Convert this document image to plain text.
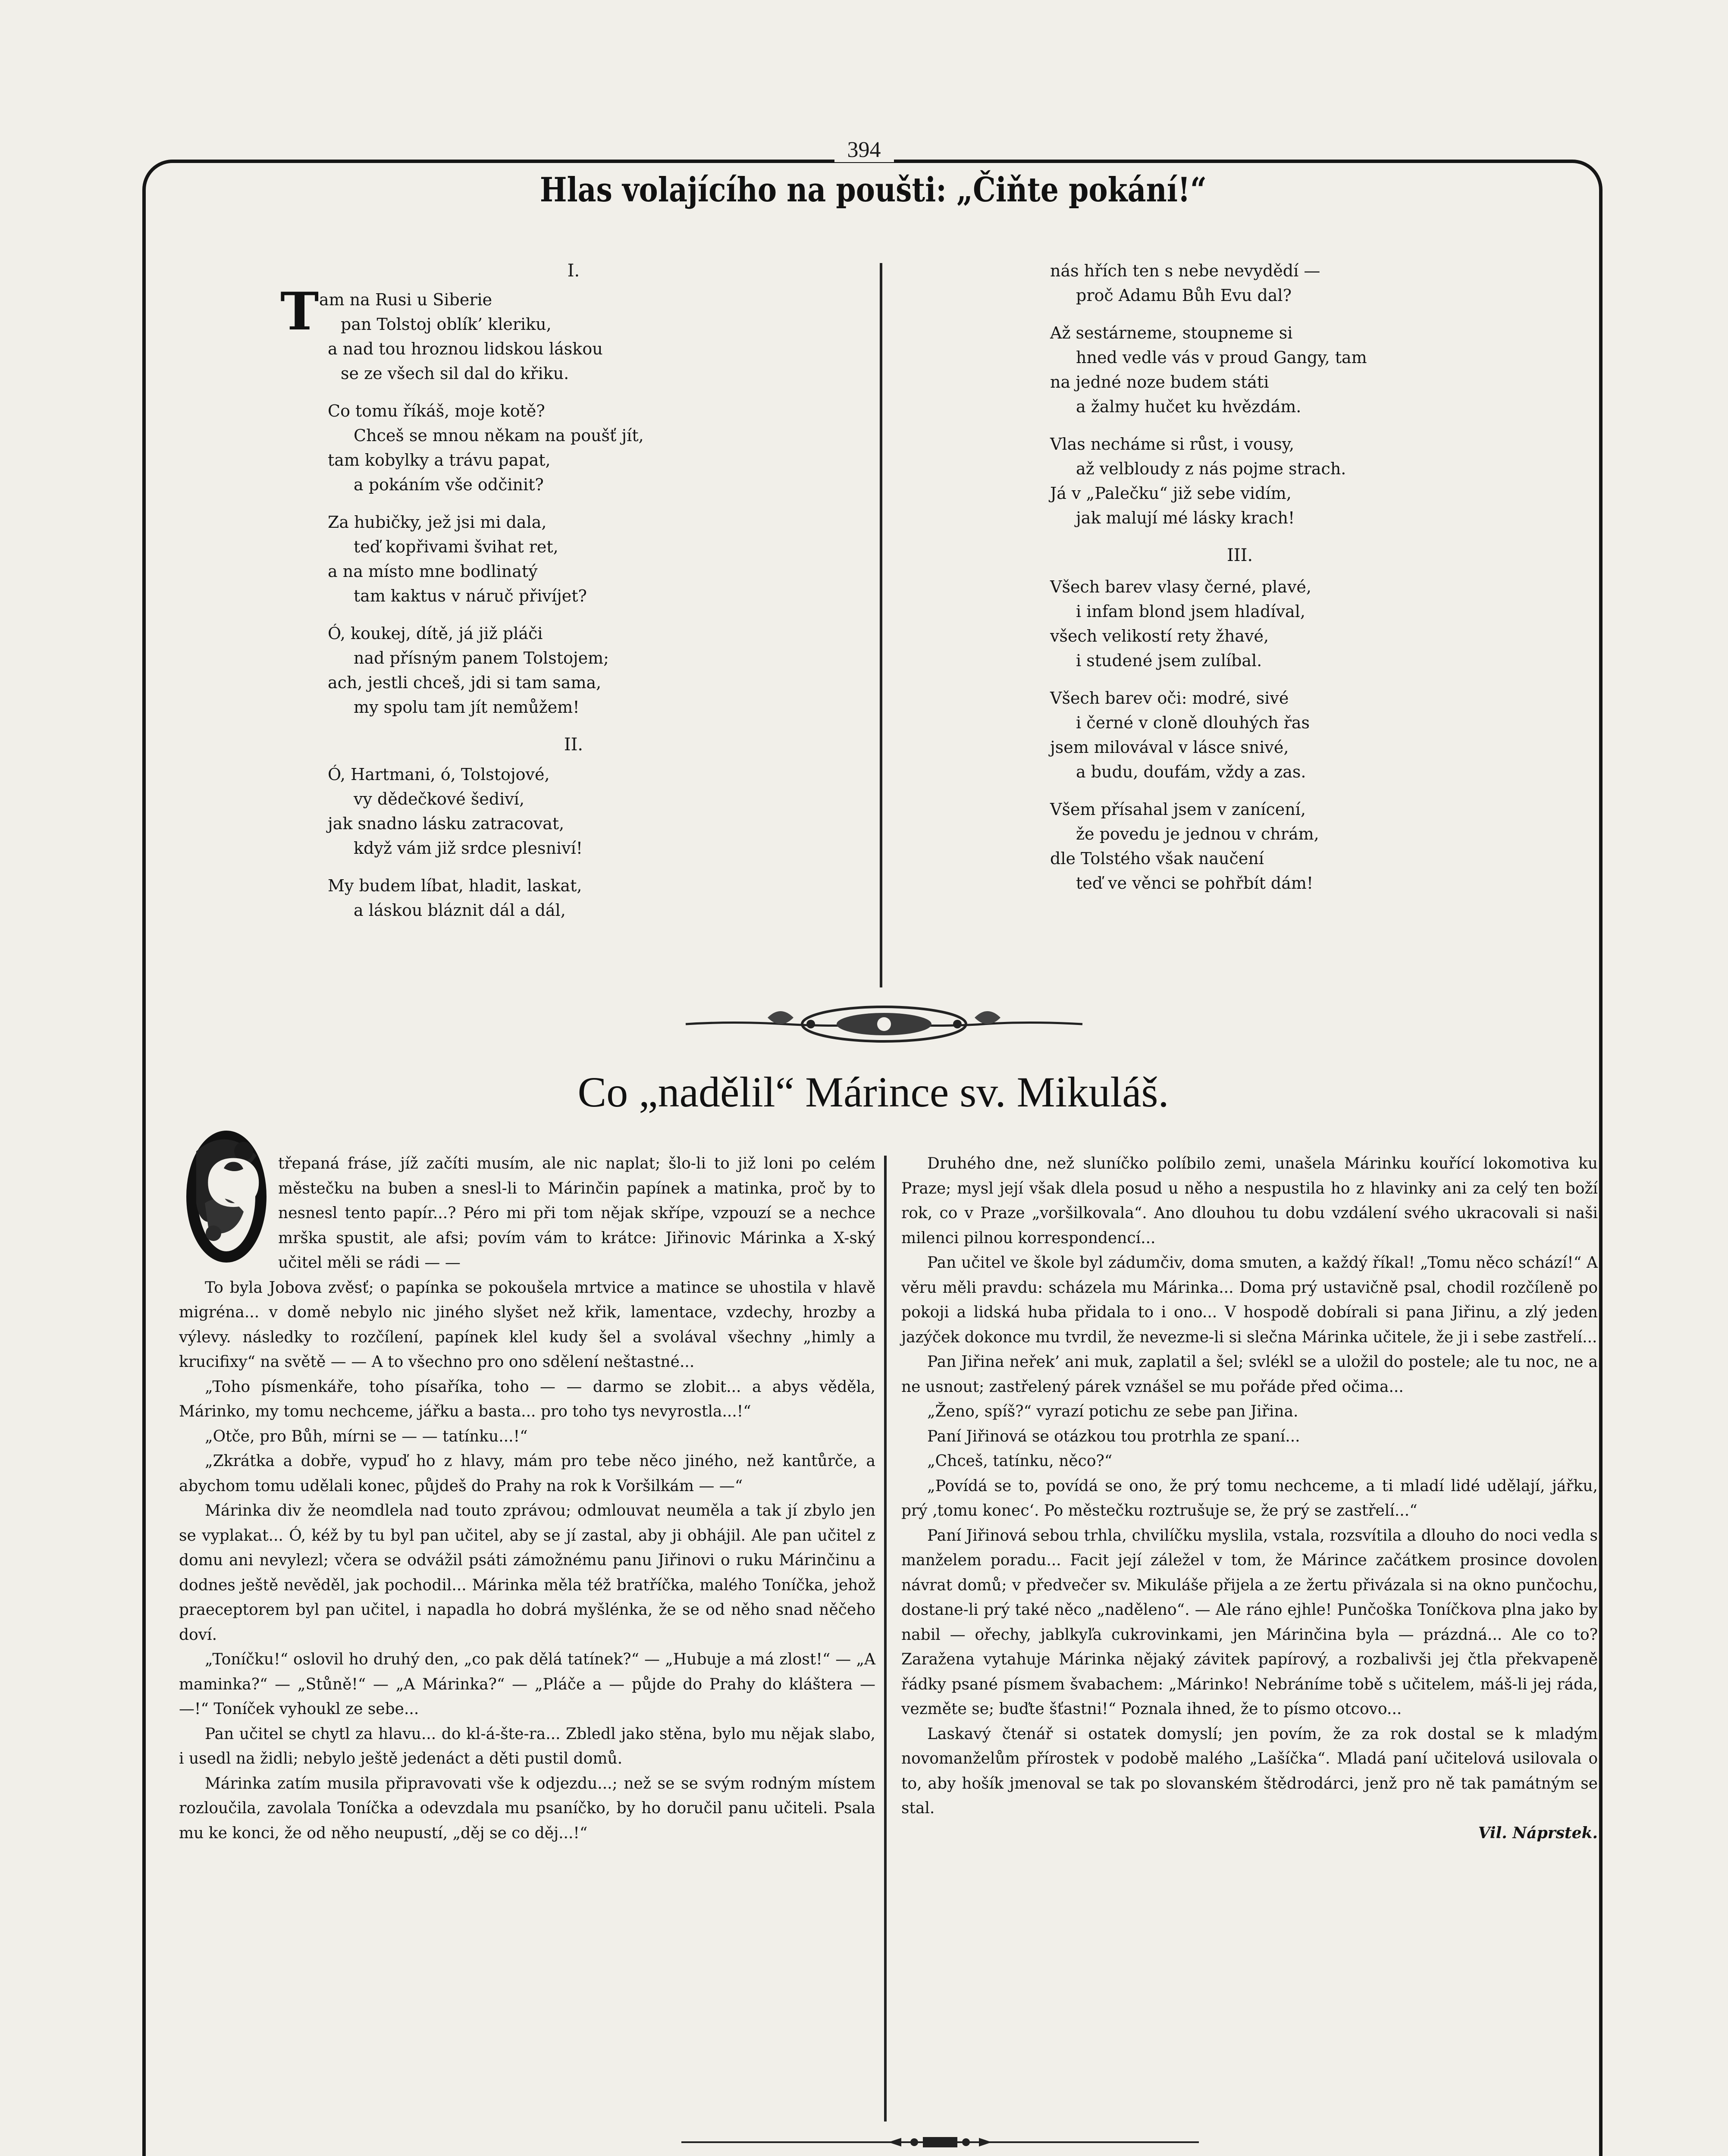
394
Hlas volajícího na poušti: „Čiňte pokání!“

I.

T am na Rusi u Siberie
pan Tolstoj oblík’ kleriku,
a nad tou hroznou lidskou láskou
se ze všech sil dal do křiku.
Co tomu říkáš, moje kotě?
Chceš se mnou někam na poušť jít,
tam kobylky a trávu papat,
a pokáním vše odčinit?
Za hubičky, jež jsi mi dala,
teď kopřivami švihat ret,
a na místo mne bodlinatý
tam kaktus v náruč přivíjet?
Ó, koukej, dítě, já již pláči
nad přísným panem Tolstojem;
ach, jestli chceš, jdi si tam sama,
my spolu tam jít nemůžem!

II.

Ó, Hartmani, ó, Tolstojové,
vy dědečkové šediví,
jak snadno lásku zatracovat,
když vám již srdce plesniví!
My budem líbat, hladit, laskat,
a láskou bláznit dál a dál,
nás hřích ten s nebe nevydědí —
proč Adamu Bůh Evu dal?
Až sestárneme, stoupneme si
hned vedle vás v proud Gangy, tam
na jedné noze budem státi
a žalmy hučet ku hvězdám.
Vlas necháme si růst, i vousy,
až velbloudy z nás pojme strach.
Já v „Palečku“ již sebe vidím,
jak malují mé lásky krach!

III.

Všech barev vlasy černé, plavé,
i infam blond jsem hladíval,
všech velikostí rety žhavé,
i studené jsem zulíbal.
Všech barev oči: modré, sivé
i černé v cloně dlouhých řas
jsem milovával v lásce snivé,
a budu, doufám, vždy a zas.
Všem přísahal jsem v zanícení,
že povedu je jednou v chrám,
dle Tolstého však naučení
teď ve věnci se pohřbít dám!
Co „nadělil“ Márince sv. Mikuláš.
O	třepaná fráse, jíž začíti musím, ale nic naplat; šlo-li to již loni po celém městečku na buben a snesl-li to Márinčin papínek a matinka, proč by to nesnesl tento papír...? Péro mi při tom nějak skřípe, vzpouzí se a nechce mrška spustit, ale afsi; povím vám to krátce: Jiřinovic Márinka a X-ský učitel měli se rádi — —

To byla Jobova zvěsť; o papínka se pokoušela mrtvice a matince se uhostila v hlavě migréna... v domě nebylo nic jiného slyšet než křik, lamentace, vzdechy, hrozby a výlevy. následky to rozčílení, papínek klel kudy šel a svolával všechny „himly a krucifixy“ na světě — — A to všechno pro ono sdělení neštastné...

„Toho písmenkáře, toho písaříka, toho — — darmo se zlobit... a abys věděla, Márinko, my tomu nechceme, jářku a basta... pro toho tys nevyrostla...!“

„Otče, pro Bůh, mírni se — — tatínku...!“

„Zkrátka a dobře, vypuď ho z hlavy, mám pro tebe něco jiného, než kantůrče, a abychom tomu udělali konec, půjdeš do Prahy na rok k Voršilkám — —“

Márinka div že neomdlela nad touto zprávou; odmlouvat neuměla a tak jí zbylo jen se vyplakat... Ó, kéž by tu byl pan učitel, aby se jí zastal, aby ji obhájil. Ale pan učitel z domu ani nevylezl; včera se odvážil psáti zámožnému panu Jiřinovi o ruku Márinčinu a dodnes ještě nevěděl, jak pochodil... Márinka měla též bratříčka, malého Toníčka, jehož praeceptorem byl pan učitel, i napadla ho dobrá myšlénka, že se od něho snad něčeho doví.

„Toníčku!“ oslovil ho druhý den, „co pak dělá tatínek?“ — „Hubuje a má zlost!“ — „A maminka?“ — „Stůně!“ — „A Márinka?“ — „Pláče a — půjde do Prahy do kláštera — —!“ Toníček vyhoukl ze sebe...

Pan učitel se chytl za hlavu... do kl-á-šte-ra... Zbledl jako stěna, bylo mu nějak slabo, i usedl na židli; nebylo ještě jedenáct a děti pustil domů.

Márinka zatím musila připravovati vše k odjezdu...; než se se svým rodným místem rozloučila, zavolala Toníčka a odevzdala mu psaníčko, by ho doručil panu učiteli. Psala mu ke konci, že od něho neupustí, „děj se co děj...!“

Druhého dne, než sluníčko políbilo zemi, unašela Márinku kouřící lokomotiva ku Praze; mysl její však dlela posud u něho a nespustila ho z hlavinky ani za celý ten boží rok, co v Praze „voršilkovala“. Ano dlouhou tu dobu vzdálení svého ukracovali si naši milenci pilnou korrespondencí...

Pan učitel ve škole byl zádumčiv, doma smuten, a každý říkal! „Tomu něco schází!“ A věru měli pravdu: scházela mu Márinka... Doma prý ustavičně psal, chodil rozčíleně po pokoji a lidská huba přidala to i ono... V hospodě dobírali si pana Jiřinu, a zlý jeden jazýček dokonce mu tvrdil, že nevezme-li si slečna Márinka učitele, že ji i sebe zastřelí...

Pan Jiřina neřek’ ani muk, zaplatil a šel; svlékl se a uložil do postele; ale tu noc, ne a ne usnout; zastřelený párek vznášel se mu pořáde před očima...

„Ženo, spíš?“ vyrazí potichu ze sebe pan Jiřina.

Paní Jiřinová se otázkou tou protrhla ze spaní...

„Chceš, tatínku, něco?“

„Povídá se to, povídá se ono, že prý tomu nechceme, a ti mladí lidé udělají, jářku, prý ‚tomu konec‘. Po městečku roztrušuje se, že prý se zastřelí...“

Paní Jiřinová sebou trhla, chvilíčku myslila, vstala, rozsvítila a dlouho do noci vedla s manželem poradu... Facit její záležel v tom, že Márince začátkem prosince dovolen návrat domů; v předvečer sv. Mikuláše přijela a ze žertu přivázala si na okno punčochu, dostane-li prý také něco „naděleno“. — Ale ráno ejhle! Punčoška Toníčkova plna jako by nabil — ořechy, jablkyľa cukrovinkami, jen Márinčina byla — prázdná... Ale co to? Zaražena vytahuje Márinka nějaký závitek papírový, a rozbalivši jej čtla překvapeně řádky psané písmem švabachem: „Márinko! Nebráníme tobě s učitelem, máš-li jej ráda, vezměte se; buďte šťastni!“ Poznala ihned, že to písmo otcovo...

Laskavý čtenář si ostatek domyslí; jen povím, že za rok dostal se k mladým novomanželům přírostek v podobě malého „Lašíčka“. Mladá paní učitelová usilovala o to, aby hošík jmenoval se tak po slovanském štědrodárci, jenž pro ně tak památným se stal.

Vil. Náprstek.
